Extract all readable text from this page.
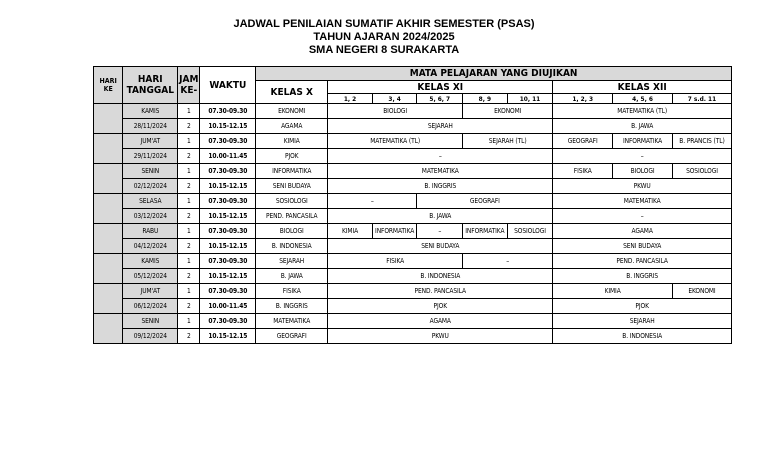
JADWAL PENILAIAN SUMATIF AKHIR SEMESTER (PSAS)
TAHUN AJARAN 2024/2025
SMA NEGERI 8 SURAKARTA
HARI KE	HARI TANGGAL	JAM KE-	WAKTU	MATA PELAJARAN YANG DIUJIKAN								
				KELAS X	KELAS XI					KELAS XII		
					1, 2	3, 4	5, 6, 7	8, 9	10, 11	1, 2, 3	4, 5, 6	7 s.d. 11
	KAMIS	1	07.30-09.30	EKONOMI	BIOLOGI			EKONOMI		MATEMATIKA (TL)		
	28/11/2024	2	10.15-12.15	AGAMA	SEJARAH					B. JAWA		
	JUM'AT	1	07.30-09.30	KIMIA	MATEMATIKA (TL)			SEJARAH (TL)		GEOGRAFI	INFORMATIKA	B. PRANCIS (TL)
	29/11/2024	2	10.00-11.45	PJOK	–					–		
	SENIN	1	07.30-09.30	INFORMATIKA	MATEMATIKA					FISIKA	BIOLOGI	SOSIOLOGI
	02/12/2024	2	10.15-12.15	SENI BUDAYA	B. INGGRIS					PKWU		
	SELASA	1	07.30-09.30	SOSIOLOGI	–		GEOGRAFI			MATEMATIKA		
	03/12/2024	2	10.15-12.15	PEND. PANCASILA	B. JAWA					–		
	RABU	1	07.30-09.30	BIOLOGI	KIMIA	INFORMATIKA	–	INFORMATIKA	SOSIOLOGI	AGAMA		
	04/12/2024	2	10.15-12.15	B. INDONESIA	SENI BUDAYA					SENI BUDAYA		
	KAMIS	1	07.30-09.30	SEJARAH	FISIKA			–		PEND. PANCASILA		
	05/12/2024	2	10.15-12.15	B. JAWA	B. INDONESIA					B. INGGRIS		
	JUM'AT	1	07.30-09.30	FISIKA	PEND. PANCASILA					KIMIA		EKONOMI
	06/12/2024	2	10.00-11.45	B. INGGRIS	PJOK					PJOK		
	SENIN	1	07.30-09.30	MATEMATIKA	AGAMA					SEJARAH		
	09/12/2024	2	10.15-12.15	GEOGRAFI	PKWU					B. INDONESIA		
